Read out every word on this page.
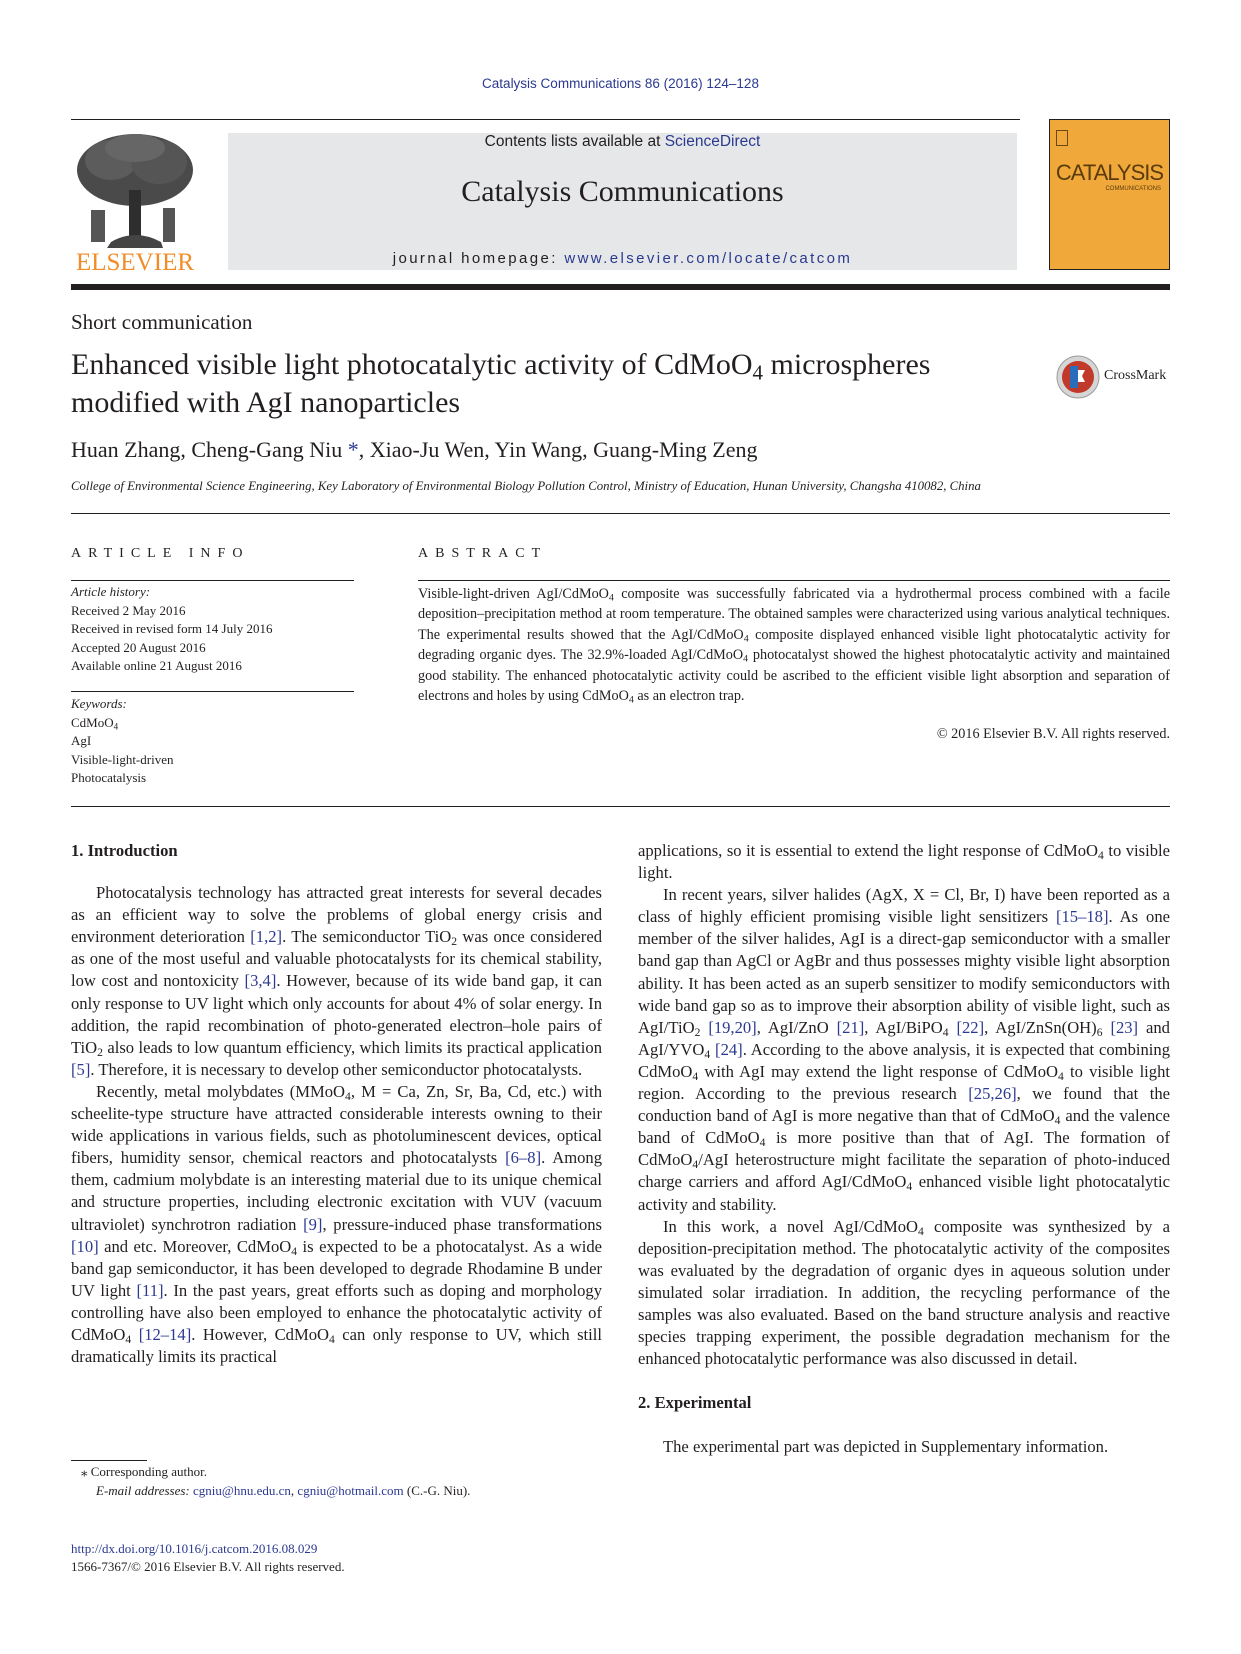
Catalysis Communications 86 (2016) 124–128
ELSEVIER
Contents lists available at ScienceDirect
Catalysis Communications
journal homepage: www.elsevier.com/locate/catcom
CATALYSIS
COMMUNICATIONS
Short communication
Enhanced visible light photocatalytic activity of CdMoO$_4$ microspheres
modified with AgI nanoparticles
CrossMark
Huan Zhang, Cheng-Gang Niu *, Xiao-Ju Wen, Yin Wang, Guang-Ming Zeng
College of Environmental Science Engineering, Key Laboratory of Environmental Biology Pollution Control, Ministry of Education, Hunan University, Changsha 410082, China
ARTICLE INFO	ABSTRACT
Article history:
Received 2 May 2016
Received in revised form 14 July 2016
Accepted 20 August 2016
Available online 21 August 2016
Keywords:
CdMoO$_4$
AgI
Visible-light-driven
Photocatalysis
Visible-light-driven AgI/CdMoO$_4$ composite was successfully fabricated via a hydrothermal process combined with a facile deposition–precipitation method at room temperature. The obtained samples were characterized using various analytical techniques. The experimental results showed that the AgI/CdMoO$_4$ composite displayed enhanced visible light photocatalytic activity for degrading organic dyes. The 32.9%-loaded AgI/CdMoO$_4$ photocatalyst showed the highest photocatalytic activity and maintained good stability. The enhanced photocatalytic activity could be ascribed to the efficient visible light absorption and separation of electrons and holes by using CdMoO$_4$ as an electron trap.
© 2016 Elsevier B.V. All rights reserved.
1. Introduction

Photocatalysis technology has attracted great interests for several decades as an efficient way to solve the problems of global energy crisis and environment deterioration [1,2]. The semiconductor TiO$_2$ was once considered as one of the most useful and valuable photocatalysts for its chemical stability, low cost and nontoxicity [3,4]. However, because of its wide band gap, it can only response to UV light which only accounts for about 4% of solar energy. In addition, the rapid recombination of photo-generated electron–hole pairs of TiO$_2$ also leads to low quantum efficiency, which limits its practical application [5]. Therefore, it is necessary to develop other semiconductor photocatalysts.

Recently, metal molybdates (MMoO$_4$, M = Ca, Zn, Sr, Ba, Cd, etc.) with scheelite-type structure have attracted considerable interests owning to their wide applications in various fields, such as photoluminescent devices, optical fibers, humidity sensor, chemical reactors and photocatalysts [6–8]. Among them, cadmium molybdate is an interesting material due to its unique chemical and structure properties, including electronic excitation with VUV (vacuum ultraviolet) synchrotron radiation [9], pressure-induced phase transformations [10] and etc. Moreover, CdMoO$_4$ is expected to be a photocatalyst. As a wide band gap semiconductor, it has been developed to degrade Rhodamine B under UV light [11]. In the past years, great efforts such as doping and morphology controlling have also been employed to enhance the photocatalytic activity of CdMoO$_4$ [12–14]. However, CdMoO$_4$ can only response to UV, which still dramatically limits its practical

applications, so it is essential to extend the light response of CdMoO$_4$ to visible light.

In recent years, silver halides (AgX, X = Cl, Br, I) have been reported as a class of highly efficient promising visible light sensitizers [15–18]. As one member of the silver halides, AgI is a direct-gap semiconductor with a smaller band gap than AgCl or AgBr and thus possesses mighty visible light absorption ability. It has been acted as an superb sensitizer to modify semiconductors with wide band gap so as to improve their absorption ability of visible light, such as AgI/TiO$_2$ [19,20], AgI/ZnO [21], AgI/BiPO$_4$ [22], AgI/$ZnSn(OH)_6$ [23] and AgI/$YVO_4$ [24]. According to the above analysis, it is expected that combining CdMoO$_4$ with AgI may extend the light response of CdMoO$_4$ to visible light region. According to the previous research [25,26], we found that the conduction band of AgI is more negative than that of CdMoO$_4$ and the valence band of CdMoO$_4$ is more positive than that of AgI. The formation of CdMoO$_4$/AgI heterostructure might facilitate the separation of photo-induced charge carriers and afford AgI/CdMoO$_4$ enhanced visible light photocatalytic activity and stability.

In this work, a novel AgI/CdMoO$_4$ composite was synthesized by a deposition-precipitation method. The photocatalytic activity of the composites was evaluated by the degradation of organic dyes in aqueous solution under simulated solar irradiation. In addition, the recycling performance of the samples was also evaluated. Based on the band structure analysis and reactive species trapping experiment, the possible degradation mechanism for the enhanced photocatalytic performance was also discussed in detail.

2. Experimental

The experimental part was depicted in Supplementary information.

⁎ Corresponding author.
E-mail addresses: cgniu@hnu.edu.cn, cgniu@hotmail.com (C.-G. Niu).
http://dx.doi.org/10.1016/j.catcom.2016.08.029
1566-7367/© 2016 Elsevier B.V. All rights reserved.
